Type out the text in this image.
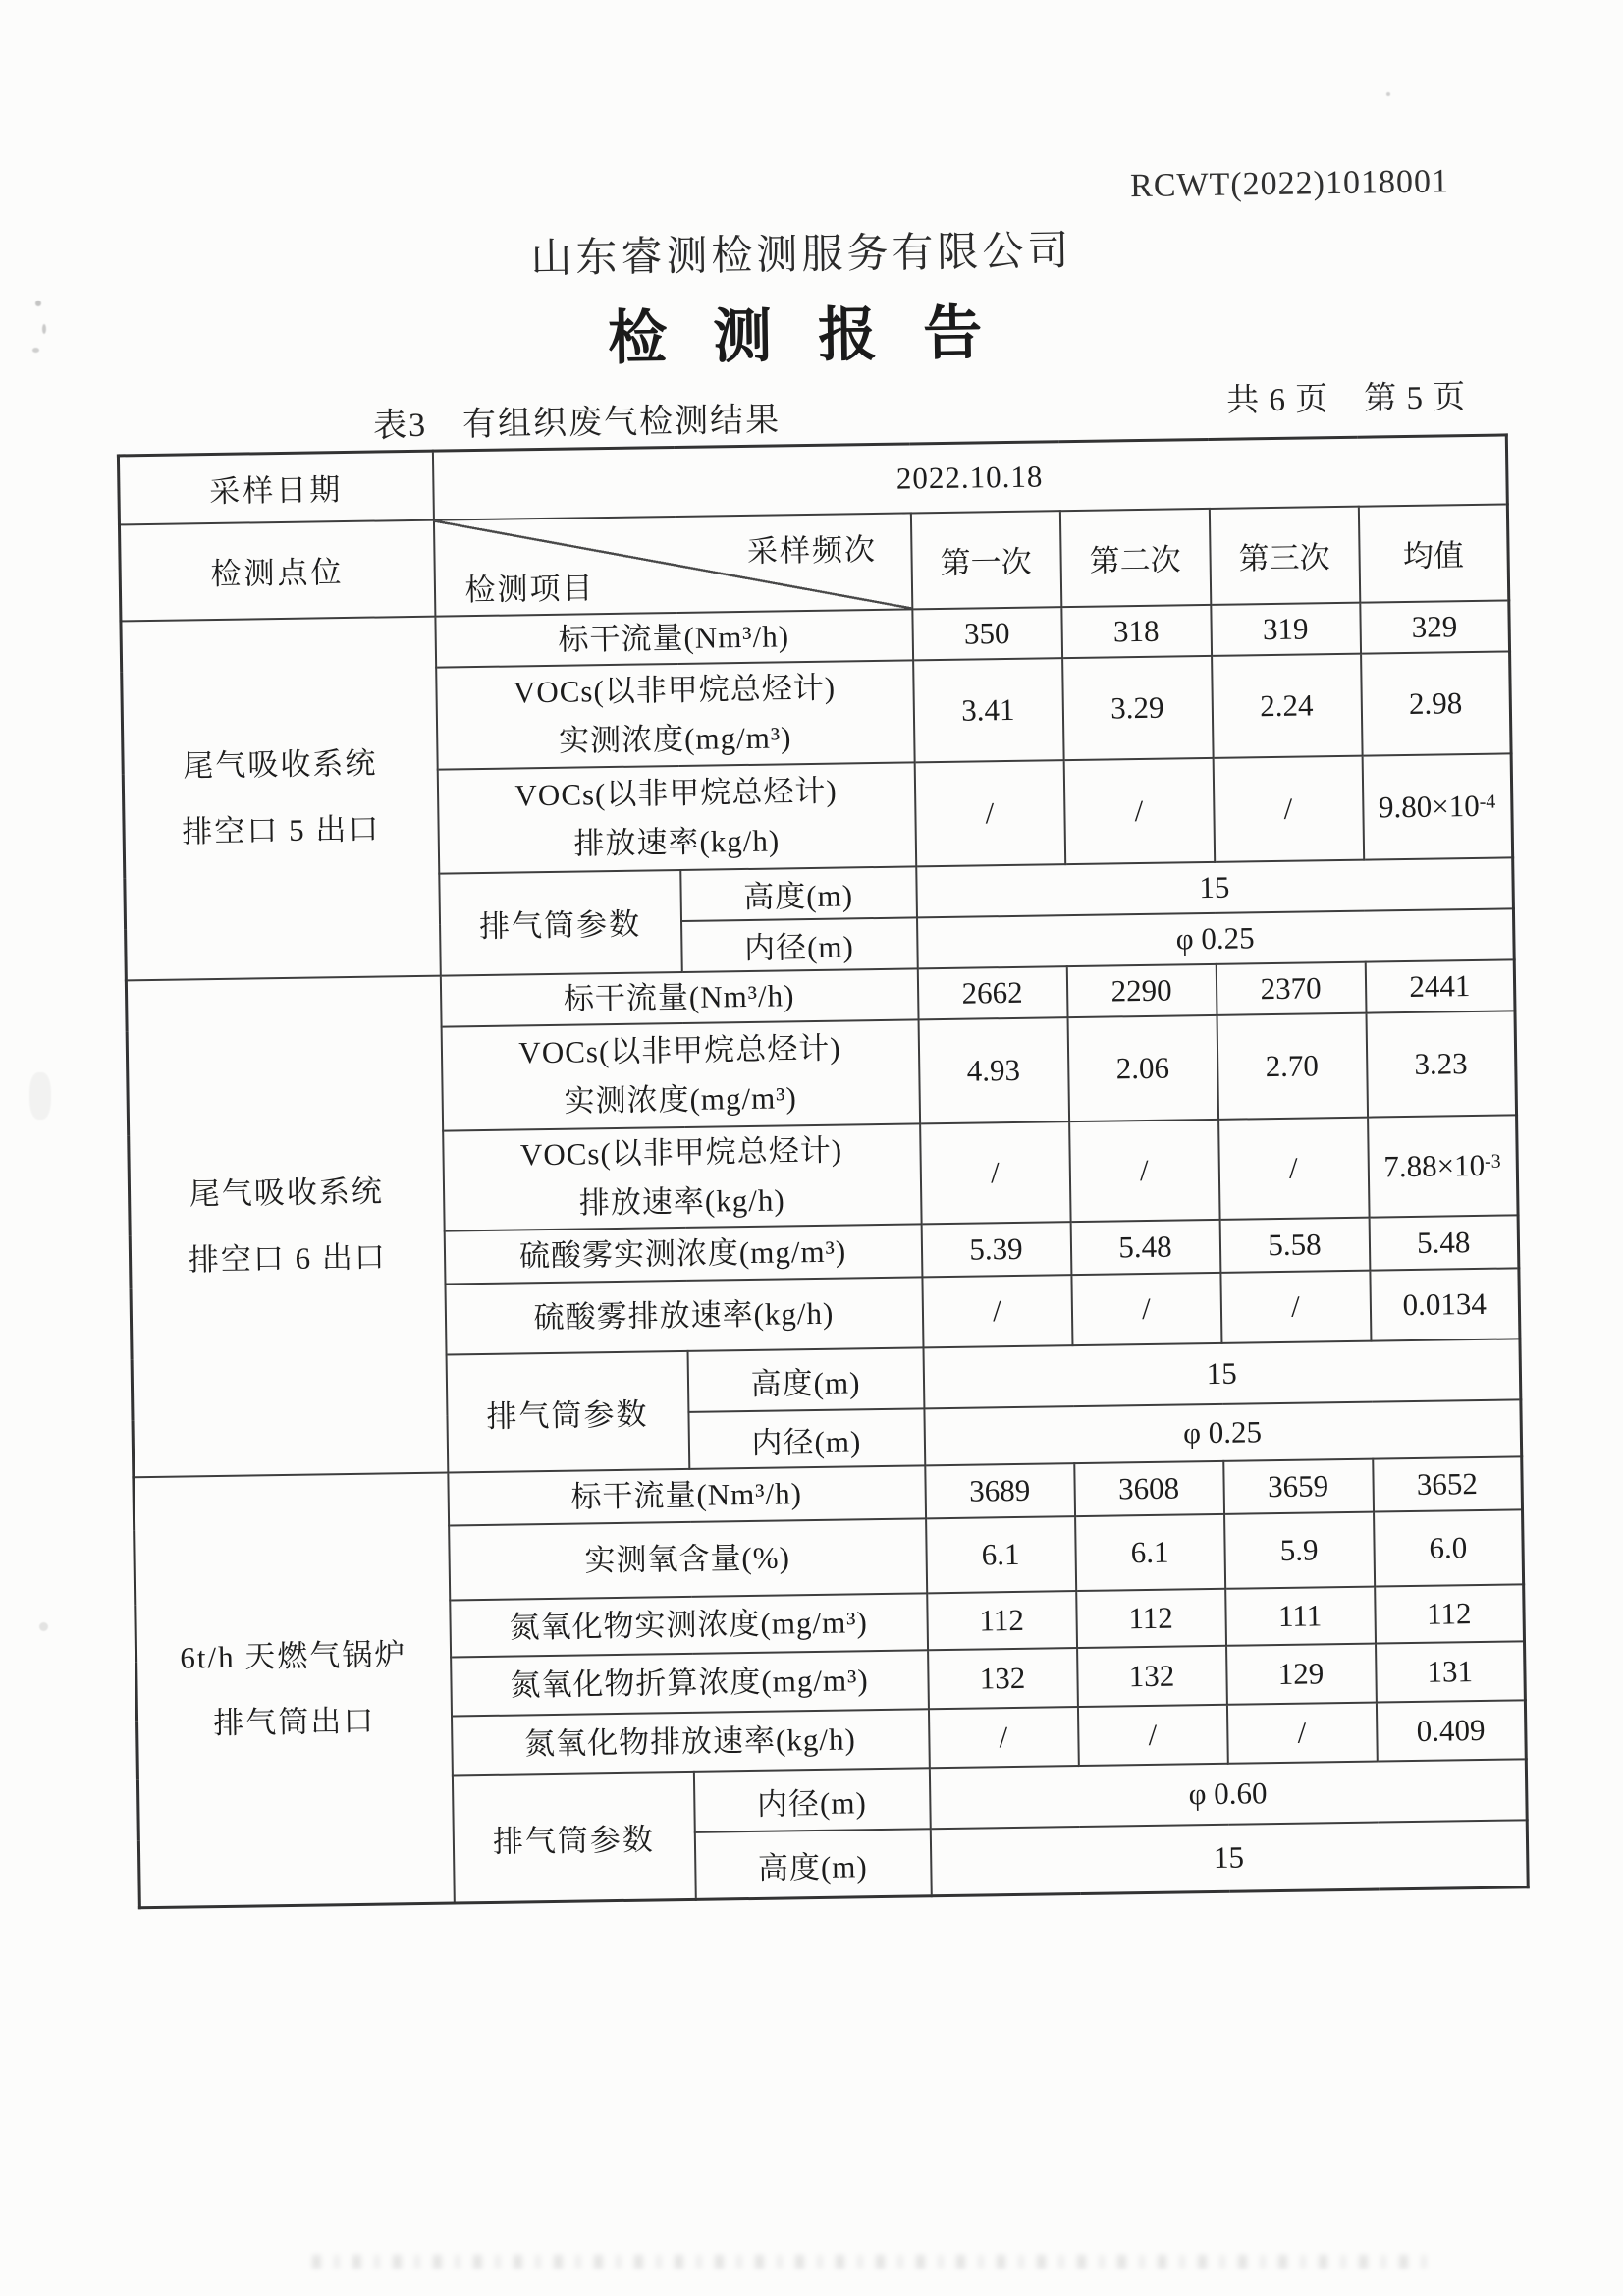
RCWT(2022)1018001
山东睿测检测服务有限公司
检 测 报 告
表3　有组织废气检测结果
共 6 页 第 5 页
采样日期	2022.10.18					
检测点位	采样频次
检测项目		第一次	第二次	第三次	均值

尾气吸收系统
排空口 5 出口	标干流量(Nm³/h)		350	318	319	329

	VOCs(以非甲烷总烃计)
实测浓度(mg/m³)		3.41	3.29	2.24	2.98

	VOCs(以非甲烷总烃计)
排放速率(kg/h)		/	/	/	$9.80\times 10^{-4}$
	排气筒参数	高度(m)	15			
		内径(m)	φ 0.25			

尾气吸收系统
排空口 6 出口	标干流量(Nm³/h)		2662	2290	2370	2441

	VOCs(以非甲烷总烃计)
实测浓度(mg/m³)		4.93	2.06	2.70	3.23

	VOCs(以非甲烷总烃计)
排放速率(kg/h)		/	/	/	$7.88\times 10^{-3}$

	硫酸雾实测浓度(mg/m³)		5.39	5.48	5.58	5.48

	硫酸雾排放速率(kg/h)		/	/	/	0.0134
	排气筒参数	高度(m)	15			
		内径(m)	φ 0.25			

6t/h 天燃气锅炉
排气筒出口	标干流量(Nm³/h)		3689	3608	3659	3652

	实测氧含量(%)		6.1	6.1	5.9	6.0

	氮氧化物实测浓度(mg/m³)		112	112	111	112

	氮氧化物折算浓度(mg/m³)		132	132	129	131

	氮氧化物排放速率(kg/h)		/	/	/	0.409
	排气筒参数	内径(m)	φ 0.60			
		高度(m)	15			
